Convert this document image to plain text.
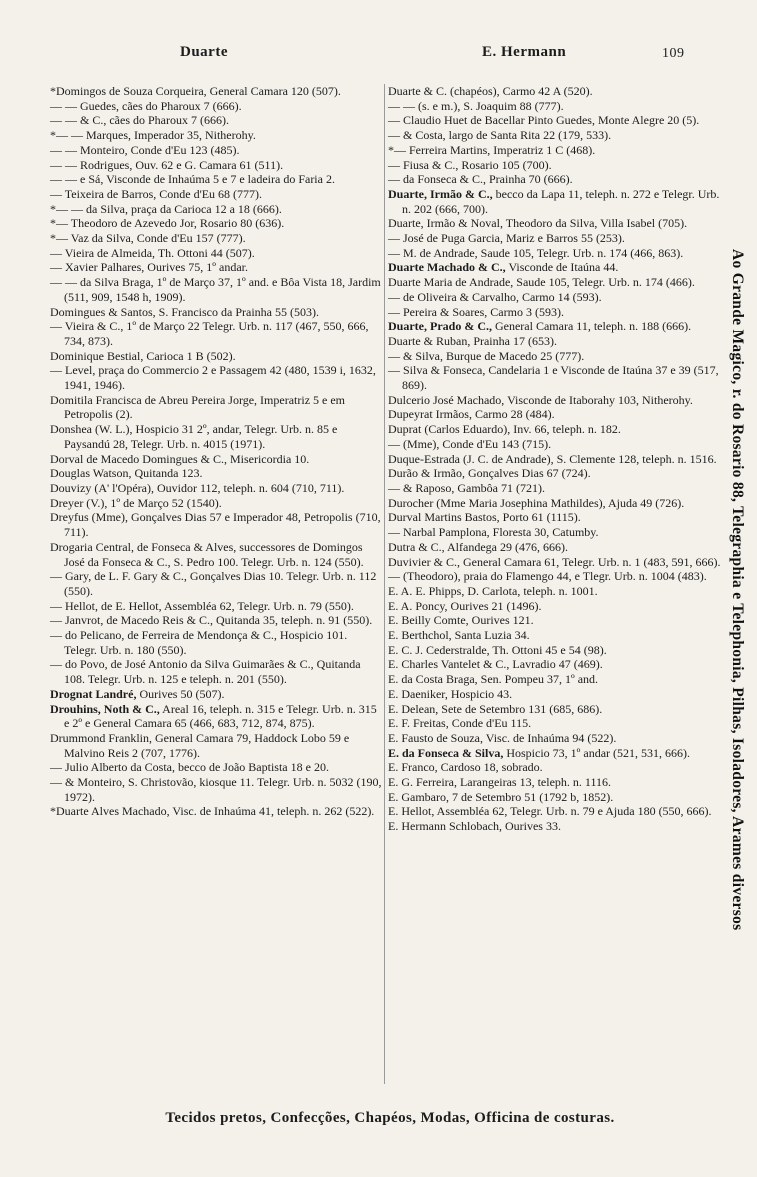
Duarte	E. Hermann	109

*Domingos de Souza Corqueira, General Camara 120 (507).

— — Guedes, cães do Pharoux 7 (666).

— — & C., cães do Pharoux 7 (666).

*— — Marques, Imperador 35, Nitherohy.

— — Monteiro, Conde d'Eu 123 (485).

— — Rodrigues, Ouv. 62 e G. Camara 61 (511).

— — e Sá, Visconde de Inhaúma 5 e 7 e ladeira do Faria 2.

— Teixeira de Barros, Conde d'Eu 68 (777).

*— — da Silva, praça da Carioca 12 a 18 (666).

*— Theodoro de Azevedo Jor, Rosario 80 (636).

*— Vaz da Silva, Conde d'Eu 157 (777).

— Vieira de Almeida, Th. Ottoni 44 (507).

— Xavier Palhares, Ourives 75, 1º andar.

— — da Silva Braga, 1º de Março 37, 1º and. e Bôa Vista 18, Jardim (511, 909, 1548 h, 1909).

Domingues & Santos, S. Francisco da Prainha 55 (503).

— Vieira & C., 1º de Março 22 Telegr. Urb. n. 117 (467, 550, 666, 734, 873).

Dominique Bestial, Carioca 1 B (502).

— Level, praça do Commercio 2 e Passagem 42 (480, 1539 i, 1632, 1941, 1946).

Domitila Francisca de Abreu Pereira Jorge, Imperatriz 5 e em Petropolis (2).

Donshea (W. L.), Hospicio 31 2º, andar, Telegr. Urb. n. 85 e Paysandú 28, Telegr. Urb. n. 4015 (1971).

Dorval de Macedo Domingues & C., Misericordia 10.

Douglas Watson, Quitanda 123.

Douvizy (A' l'Opéra), Ouvidor 112, teleph. n. 604 (710, 711).

Dreyer (V.), 1º de Março 52 (1540).

Dreyfus (Mme), Gonçalves Dias 57 e Imperador 48, Petropolis (710, 711).

Drogaria Central, de Fonseca & Alves, successores de Domingos José da Fonseca & C., S. Pedro 100. Telegr. Urb. n. 124 (550).

— Gary, de L. F. Gary & C., Gonçalves Dias 10. Telegr. Urb. n. 112 (550).

— Hellot, de E. Hellot, Assembléa 62, Telegr. Urb. n. 79 (550).

— Janvrot, de Macedo Reis & C., Quitanda 35, teleph. n. 91 (550).

— do Pelicano, de Ferreira de Mendonça & C., Hospicio 101. Telegr. Urb. n. 180 (550).

— do Povo, de José Antonio da Silva Guimarães & C., Quitanda 108. Telegr. Urb. n. 125 e teleph. n. 201 (550).

Drognat Landré, Ourives 50 (507).

Drouhins, Noth & C., Areal 16, teleph. n. 315 e Telegr. Urb. n. 315 e 2º e General Camara 65 (466, 683, 712, 874, 875).

Drummond Franklin, General Camara 79, Haddock Lobo 59 e Malvino Reis 2 (707, 1776).

— Julio Alberto da Costa, becco de João Baptista 18 e 20.

— & Monteiro, S. Christovão, kiosque 11. Telegr. Urb. n. 5032 (190, 1972).

*Duarte Alves Machado, Visc. de Inhaúma 41, teleph. n. 262 (522).

Duarte & C. (chapéos), Carmo 42 A (520).

— — (s. e m.), S. Joaquim 88 (777).

— Claudio Huet de Bacellar Pinto Guedes, Monte Alegre 20 (5).

— & Costa, largo de Santa Rita 22 (179, 533).

*— Ferreira Martins, Imperatriz 1 C (468).

— Fiusa & C., Rosario 105 (700).

— da Fonseca & C., Prainha 70 (666).

Duarte, Irmão & C., becco da Lapa 11, teleph. n. 272 e Telegr. Urb. n. 202 (666, 700).

Duarte, Irmão & Noval, Theodoro da Silva, Villa Isabel (705).

— José de Puga Garcia, Mariz e Barros 55 (253).

— M. de Andrade, Saude 105, Telegr. Urb. n. 174 (466, 863).

Duarte Machado & C., Visconde de Itaúna 44.

Duarte Maria de Andrade, Saude 105, Telegr. Urb. n. 174 (466).

— de Oliveira & Carvalho, Carmo 14 (593).

— Pereira & Soares, Carmo 3 (593).

Duarte, Prado & C., General Camara 11, teleph. n. 188 (666).

Duarte & Ruban, Prainha 17 (653).

— & Silva, Burque de Macedo 25 (777).

— Silva & Fonseca, Candelaria 1 e Visconde de Itaúna 37 e 39 (517, 869).

Dulcerio José Machado, Visconde de Itaborahy 103, Nitherohy.

Dupeyrat Irmãos, Carmo 28 (484).

Duprat (Carlos Eduardo), Inv. 66, teleph. n. 182.

— (Mme), Conde d'Eu 143 (715).

Duque-Estrada (J. C. de Andrade), S. Clemente 128, teleph. n. 1516.

Durão & Irmão, Gonçalves Dias 67 (724).

— & Raposo, Gambôa 71 (721).

Durocher (Mme Maria Josephina Mathildes), Ajuda 49 (726).

Durval Martins Bastos, Porto 61 (1115).

— Narbal Pamplona, Floresta 30, Catumby.

Dutra & C., Alfandega 29 (476, 666).

Duvivier & C., General Camara 61, Telegr. Urb. n. 1 (483, 591, 666).

— (Theodoro), praia do Flamengo 44, e Tlegr. Urb. n. 1004 (483).

E. A. E. Phipps, D. Carlota, teleph. n. 1001.

E. A. Poncy, Ourives 21 (1496).

E. Beilly Comte, Ourives 121.

E. Berthchol, Santa Luzia 34.

E. C. J. Cederstralde, Th. Ottoni 45 e 54 (98).

E. Charles Vantelet & C., Lavradio 47 (469).

E. da Costa Braga, Sen. Pompeu 37, 1º and.

E. Daeniker, Hospicio 43.

E. Delean, Sete de Setembro 131 (685, 686).

E. F. Freitas, Conde d'Eu 115.

E. Fausto de Souza, Visc. de Inhaúma 94 (522).

E. da Fonseca & Silva, Hospicio 73, 1º andar (521, 531, 666).

E. Franco, Cardoso 18, sobrado.

E. G. Ferreira, Larangeiras 13, teleph. n. 1116.

E. Gambaro, 7 de Setembro 51 (1792 b, 1852).

E. Hellot, Assembléa 62, Telegr. Urb. n. 79 e Ajuda 180 (550, 666).

E. Hermann Schlobach, Ourives 33.	Ao Grande Magico, r. do Rosario 88, Telegraphia e Telephonia, Pilhas, Isoladores, Arames diversos
Tecidos pretos, Confecções, Chapéos, Modas, Officina de costuras.
